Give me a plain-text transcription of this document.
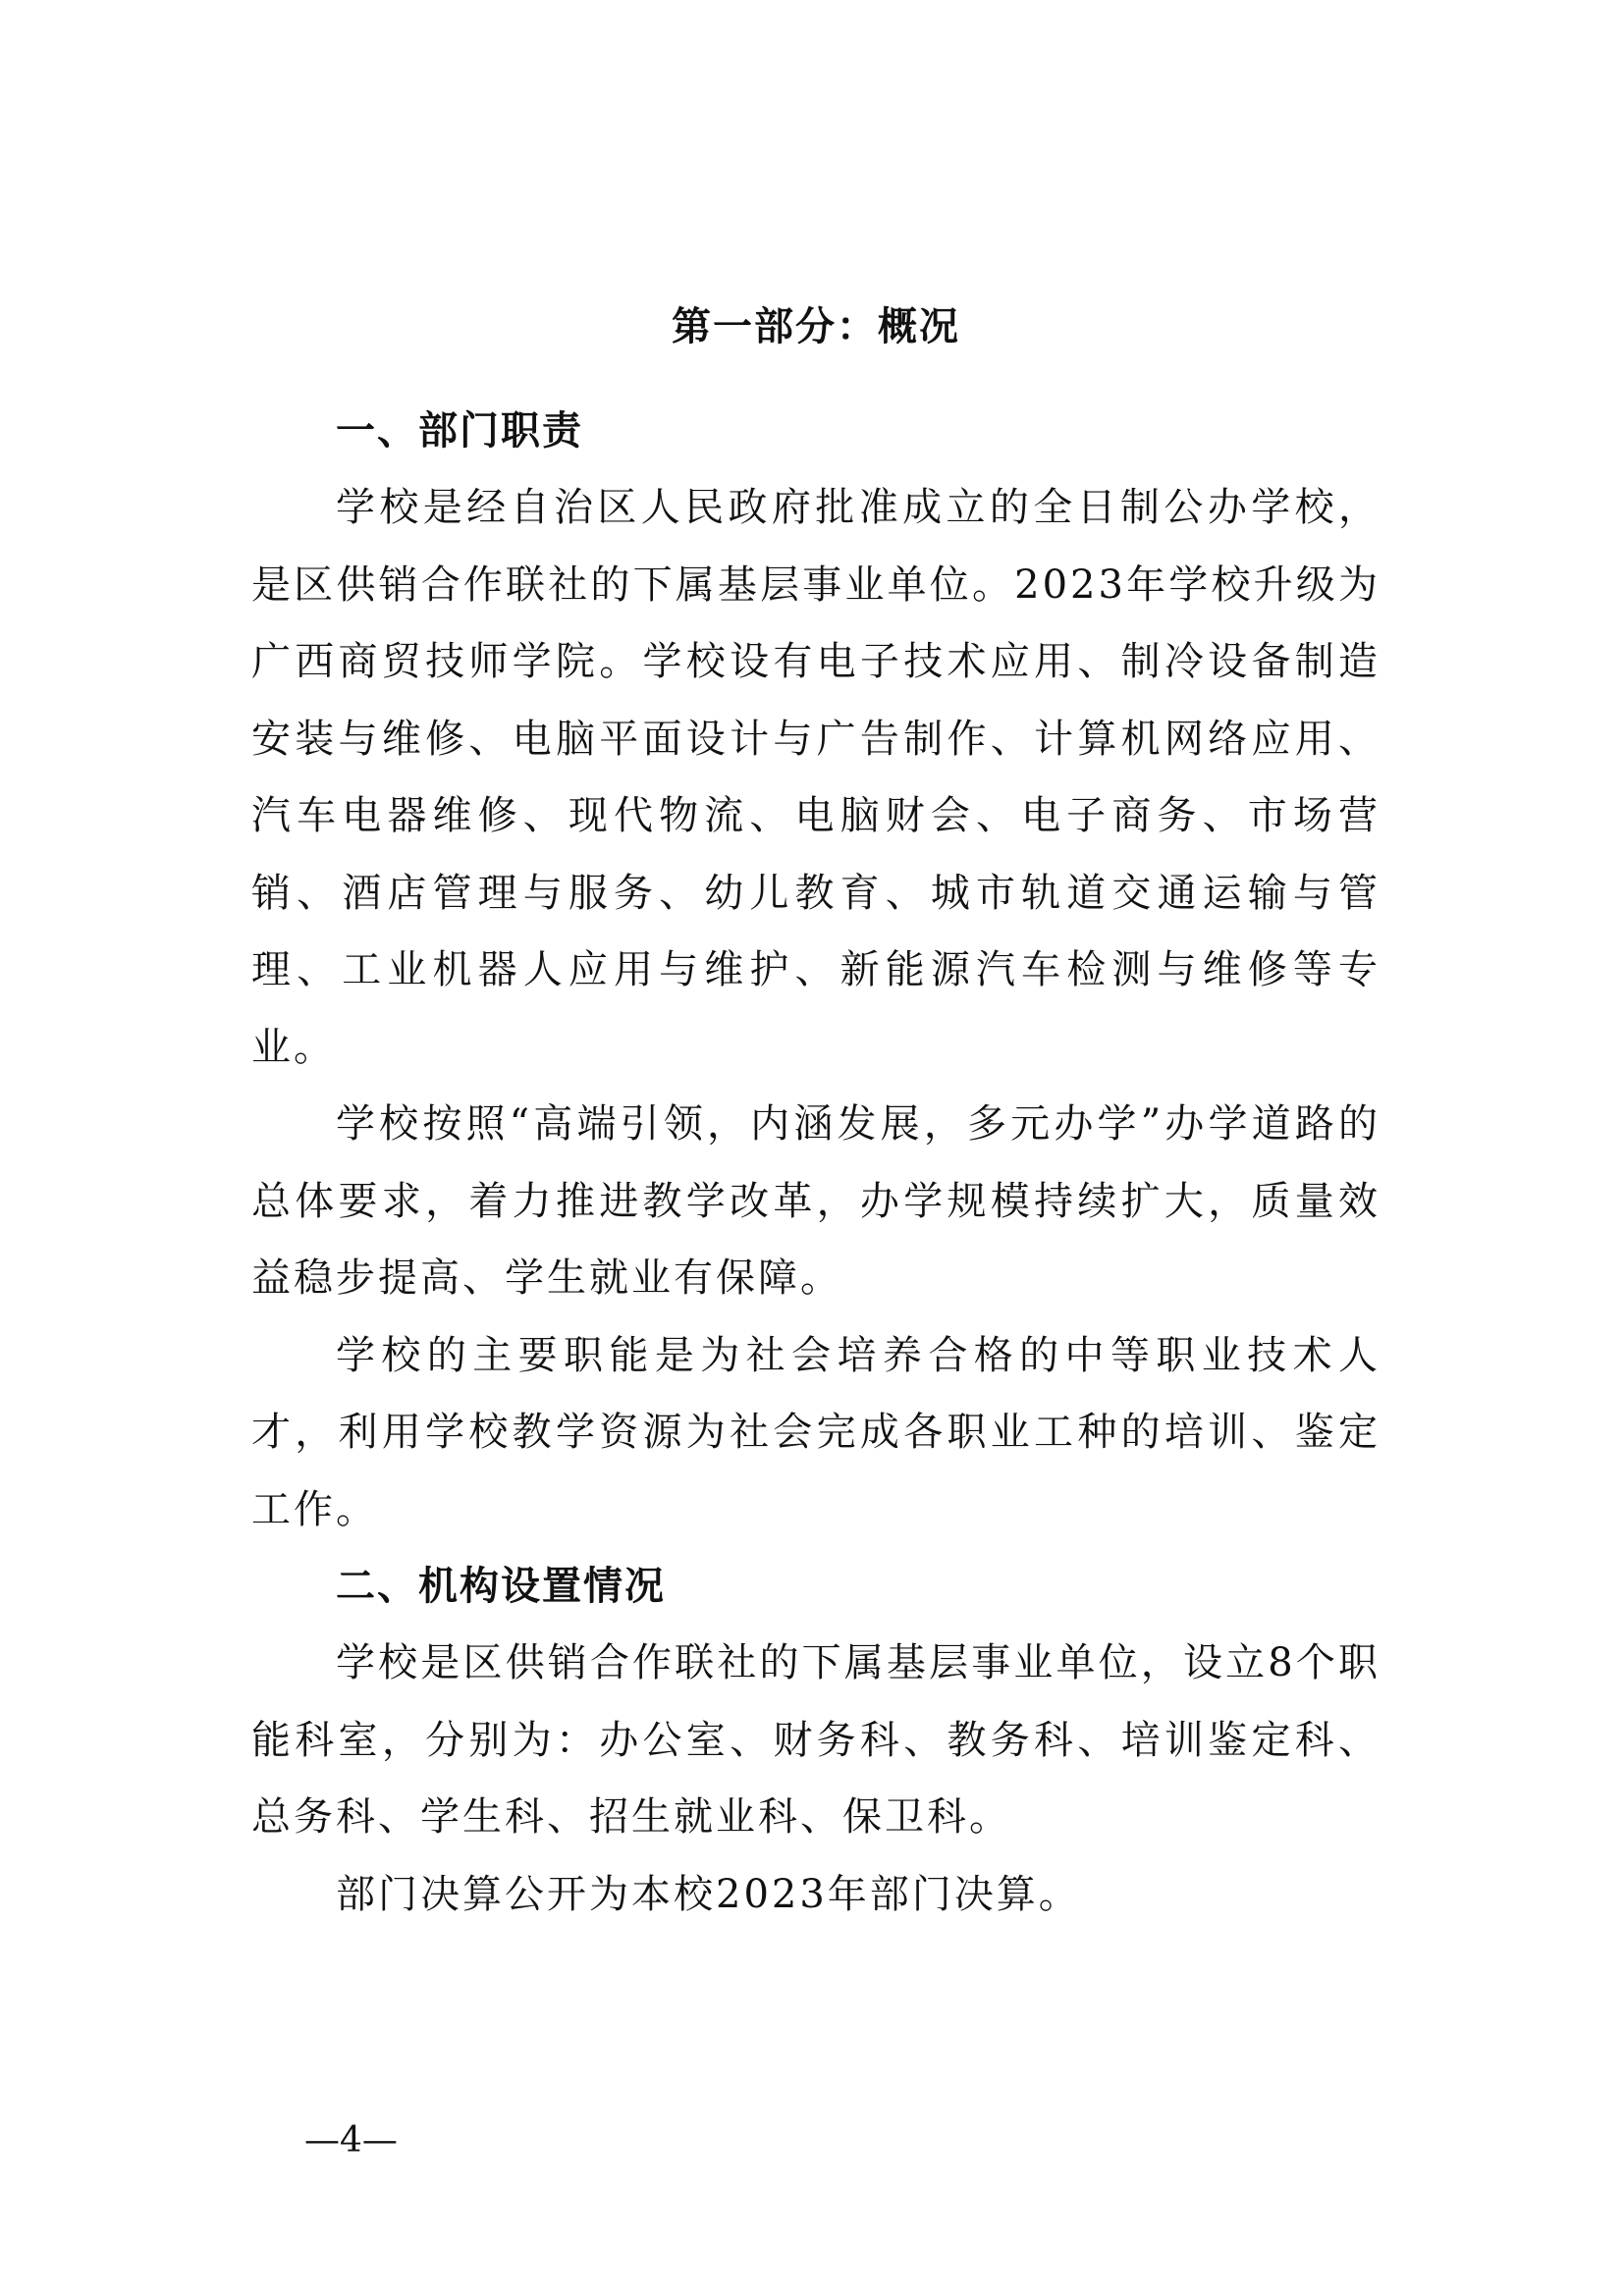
第一部分：概况
一、部门职责

学校是经自治区人民政府批准成立的全日制公办学校，是区供销合作联社的下属基层事业单位。2023年学校升级为广西商贸技师学院。学校设有电子技术应用、制冷设备制造安装与维修、电脑平面设计与广告制作、计算机网络应用、汽车电器维修、现代物流、电脑财会、电子商务、市场营销、酒店管理与服务、幼儿教育、城市轨道交通运输与管理、工业机器人应用与维护、新能源汽车检测与维修等专业。

学校按照“高端引领，内涵发展，多元办学”办学道路的总体要求，着力推进教学改革，办学规模持续扩大，质量效益稳步提高、学生就业有保障。

学校的主要职能是为社会培养合格的中等职业技术人才，利用学校教学资源为社会完成各职业工种的培训、鉴定工作。

二、机构设置情况

学校是区供销合作联社的下属基层事业单位，设立8个职能科室，分别为：办公室、财务科、教务科、培训鉴定科、总务科、学生科、招生就业科、保卫科。

部门决算公开为本校2023年部门决算。

—4—
